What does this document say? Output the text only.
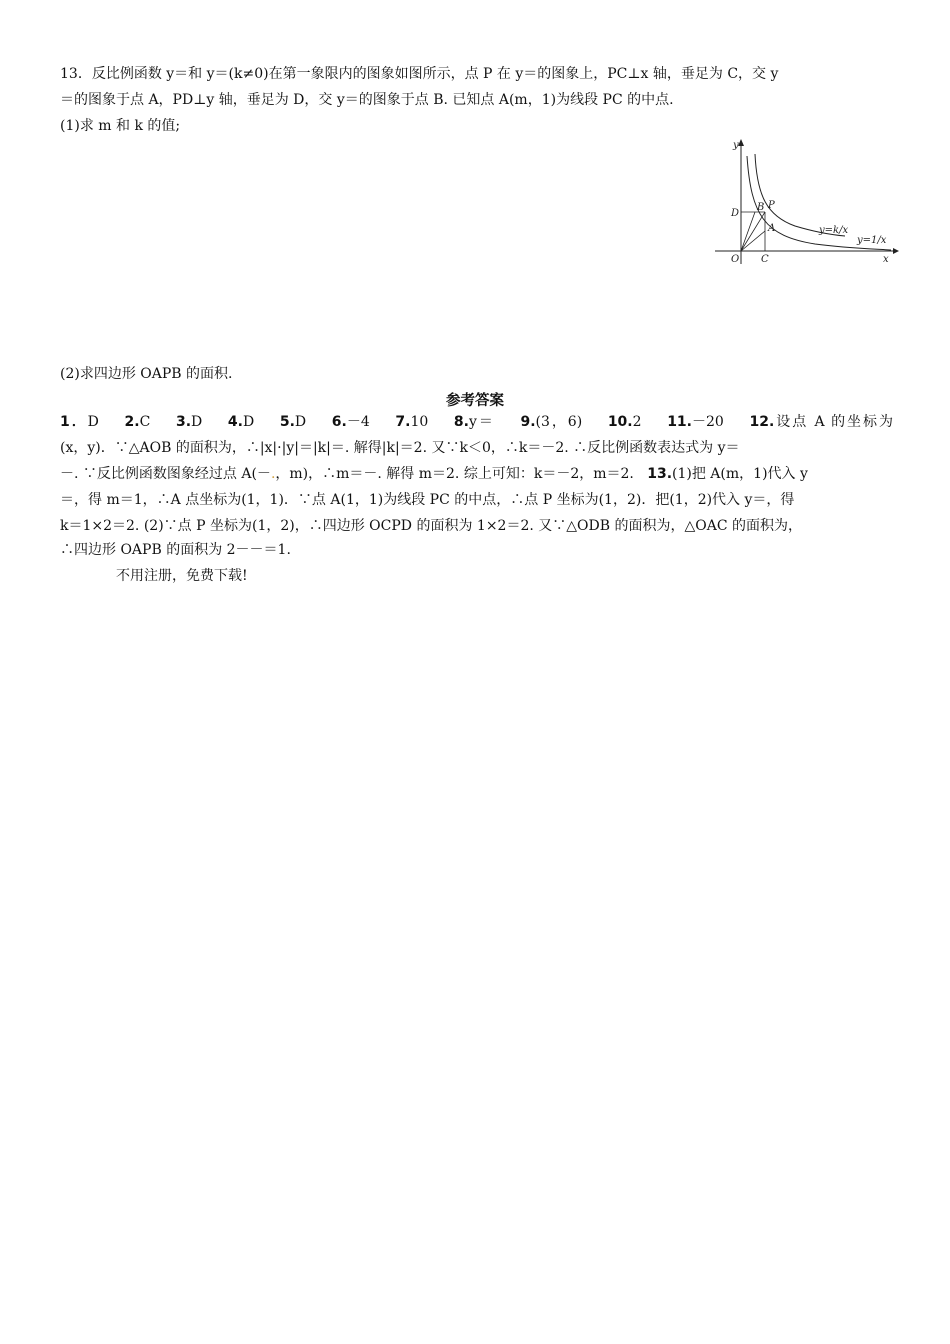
13．反比例函数 y＝和 y＝(k≠0)在第一象限内的图象如图所示，点 P 在 y＝的图象上，PC⊥x 轴，垂足为 C，交 y
＝的图象于点 A，PD⊥y 轴，垂足为 D，交 y＝的图象于点 B. 已知点 A(m，1)为线段 PC 的中点.
(1)求 m 和 k 的值;
y
x
O C
D
B P
A	y=k/x
y=1/x
(2)求四边形 OAPB 的面积.
参考答案
1．D 2.C 3.D 4.D 5.D 6.－4 7.10 8.y＝ 9.(3，6) 10.2 11.－20 12.设点 A 的坐标为
(x，y)．∵△AOB 的面积为，∴|x|·|y|＝|k|＝. 解得|k|＝2. 又∵k＜0，∴k＝－2. ∴反比例函数表达式为 y＝
－. ∵反比例函数图象经过点 A(－.，m)，∴m＝－. 解得 m＝2. 综上可知：k＝－2，m＝2. 13.(1)把 A(m，1)代入 y
＝，得 m＝1，∴A 点坐标为(1，1)．∵点 A(1，1)为线段 PC 的中点，∴点 P 坐标为(1，2)．把(1，2)代入 y＝，得
k＝1×2＝2. (2)∵点 P 坐标为(1，2)，∴四边形 OCPD 的面积为 1×2＝2. 又∵△ODB 的面积为，△OAC 的面积为，
∴四边形 OAPB 的面积为 2－－＝1.
不用注册，免费下载!
